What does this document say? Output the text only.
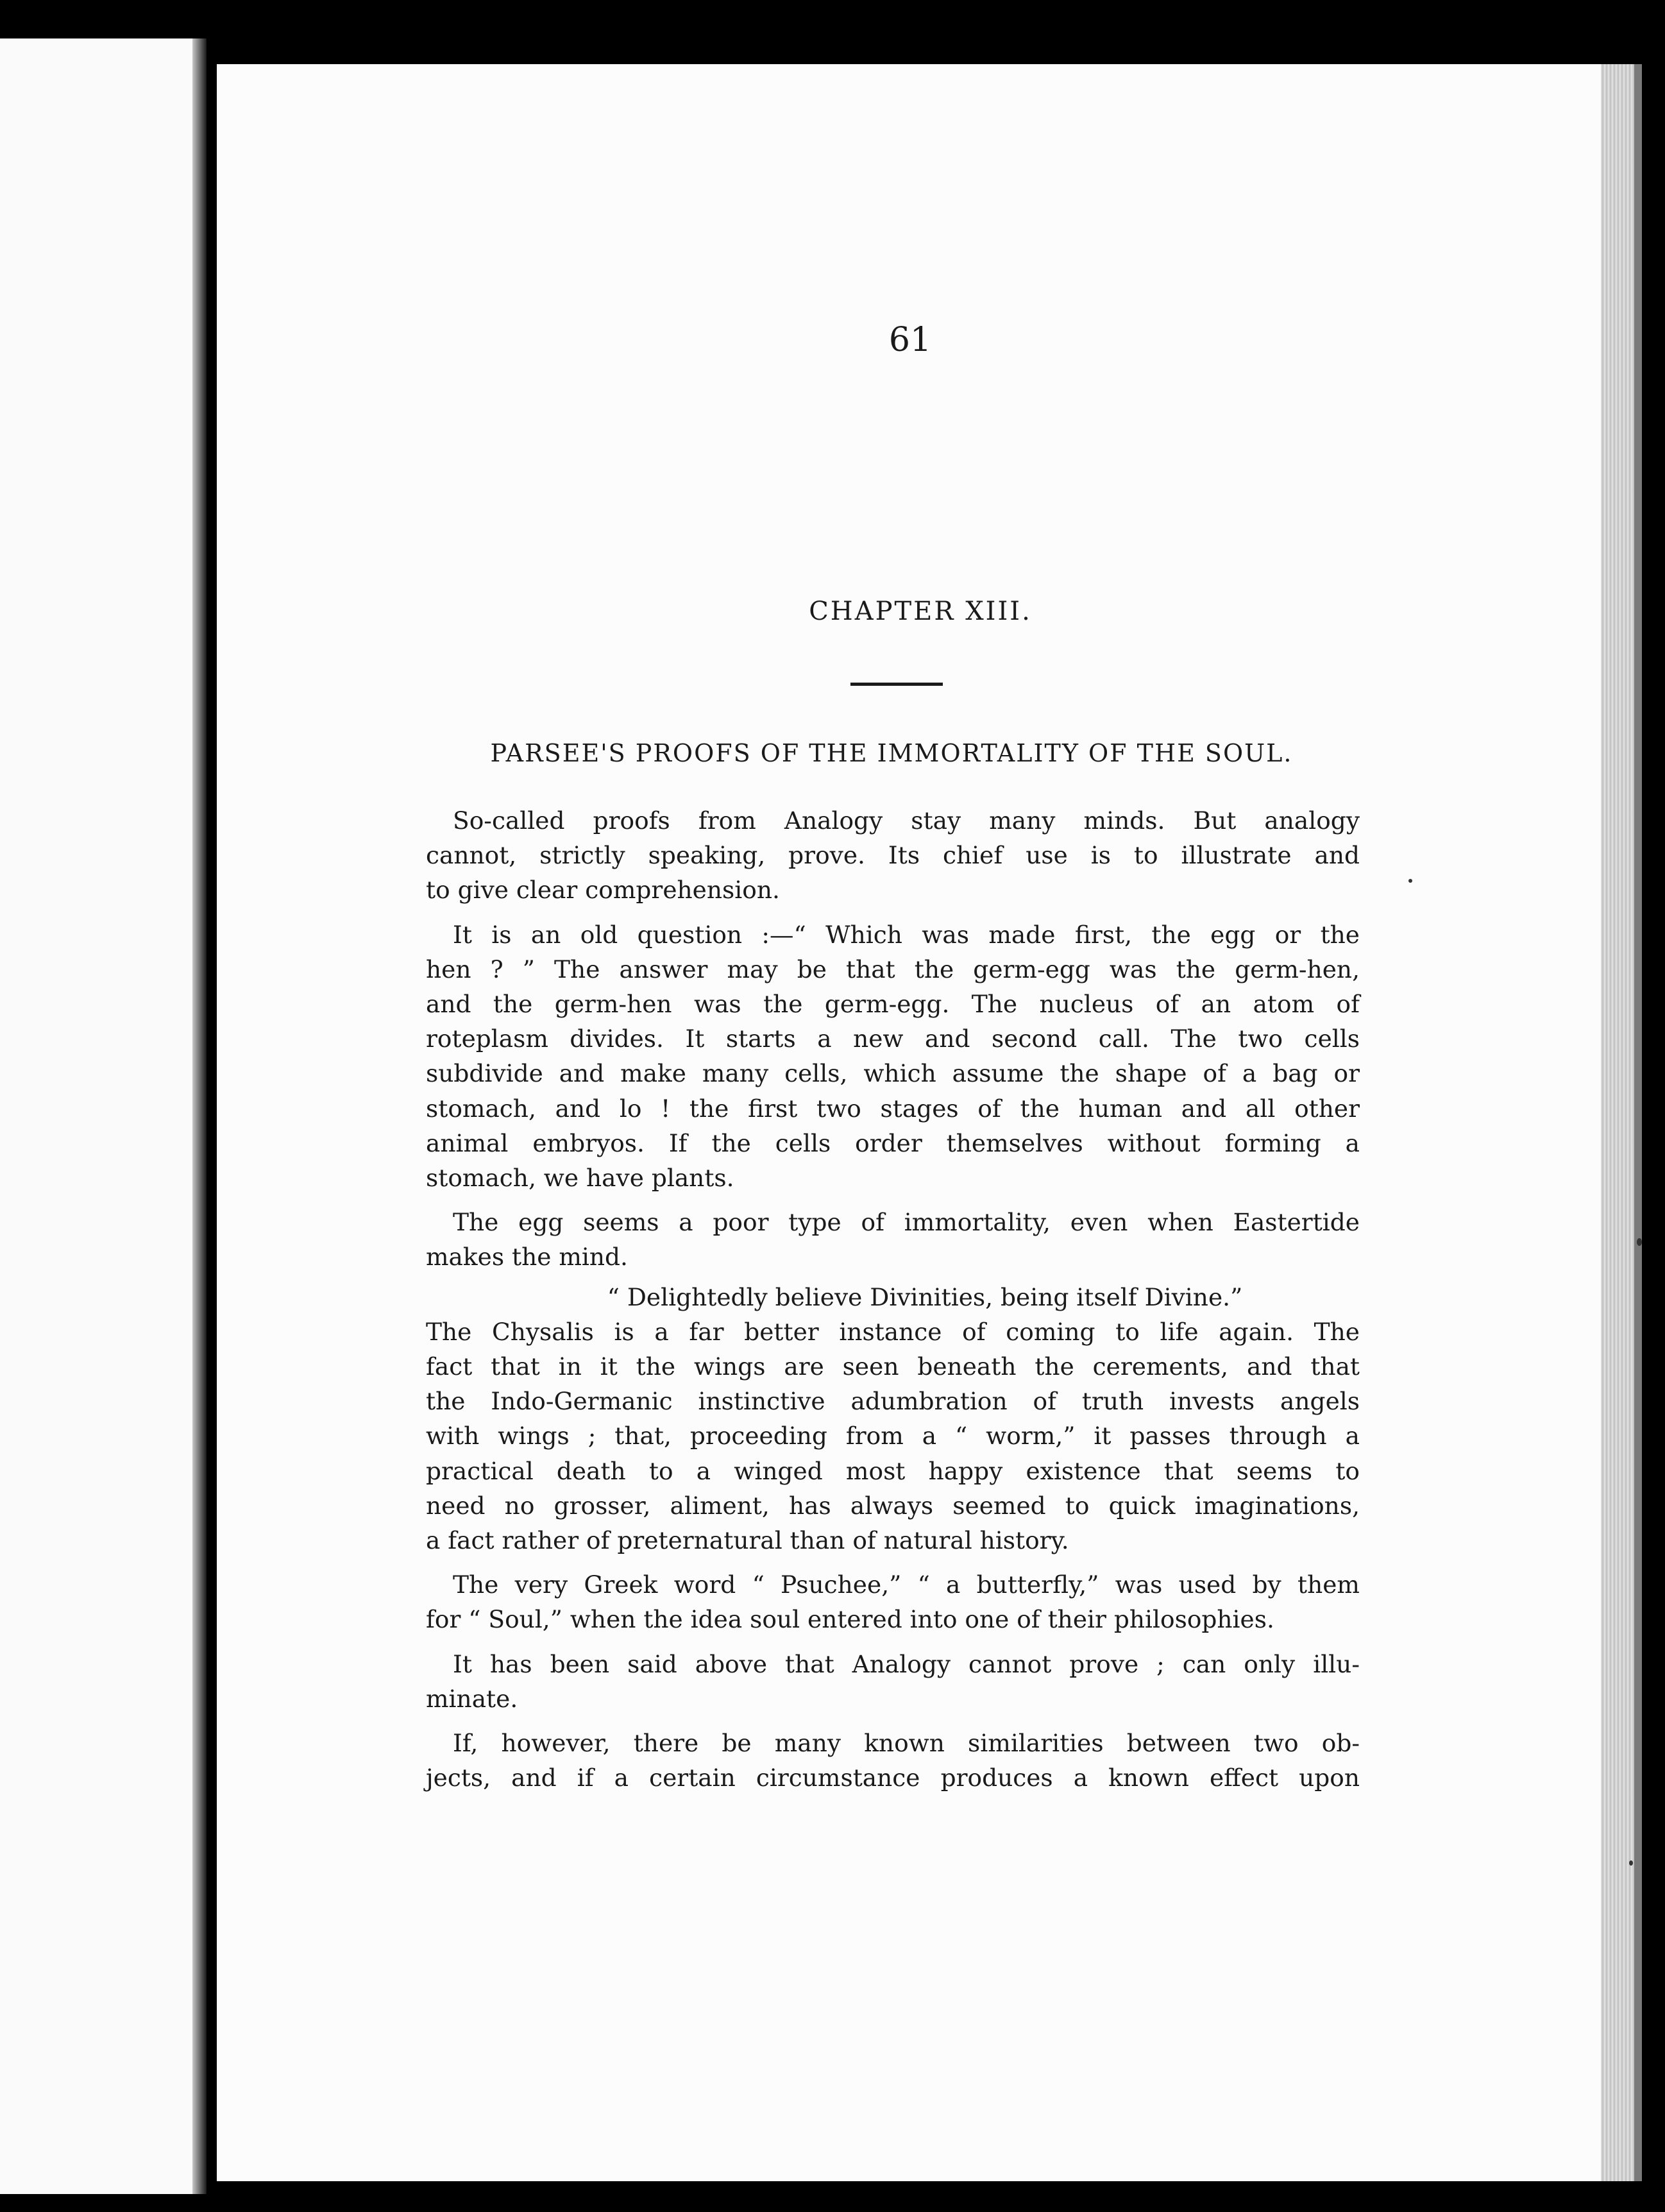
61
CHAPTER XIII.
PARSEE'S PROOFS OF THE IMMORTALITY OF THE SOUL.
So-called proofs from Analogy stay many minds. But analogy
cannot, strictly speaking, prove. Its chief use is to illustrate and
to give clear comprehension.
It is an old question :—“ Which was made first, the egg or the
hen ? ” The answer may be that the germ-egg was the germ-hen,
and the germ-hen was the germ-egg. The nucleus of an atom of
roteplasm divides. It starts a new and second call. The two cells
subdivide and make many cells, which assume the shape of a bag or
stomach, and lo ! the first two stages of the human and all other
animal embryos. If the cells order themselves without forming a
stomach, we have plants.
The egg seems a poor type of immortality, even when Eastertide
makes the mind.
“ Delightedly believe Divinities, being itself Divine.”
The Chysalis is a far better instance of coming to life again. The
fact that in it the wings are seen beneath the cerements, and that
the Indo-Germanic instinctive adumbration of truth invests angels
with wings ; that, proceeding from a “ worm,” it passes through a
practical death to a winged most happy existence that seems to
need no grosser, aliment, has always seemed to quick imaginations,
a fact rather of preternatural than of natural history.
The very Greek word “ Psuchee,” “ a butterfly,” was used by them
for “ Soul,” when the idea soul entered into one of their philosophies.
It has been said above that Analogy cannot prove ; can only illu-
minate.
If, however, there be many known similarities between two ob-
jects, and if a certain circumstance produces a known effect upon
